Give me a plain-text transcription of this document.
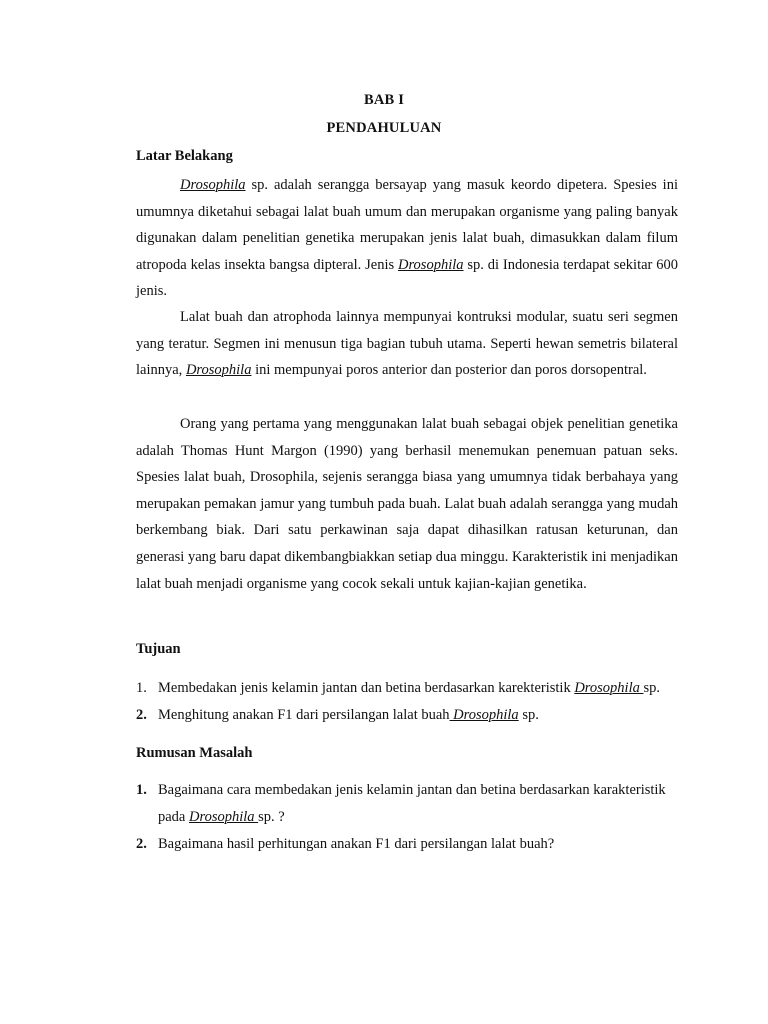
BAB I
PENDAHULUAN
Latar Belakang

Drosophila sp. adalah serangga bersayap yang masuk keordo dipetera. Spesies ini umumnya diketahui sebagai lalat buah umum dan merupakan organisme yang paling banyak digunakan dalam penelitian genetika merupakan jenis lalat buah, dimasukkan dalam filum atropoda kelas insekta bangsa dipteral. Jenis Drosophila sp. di Indonesia terdapat sekitar 600 jenis.

Lalat buah dan atrophoda lainnya mempunyai kontruksi modular, suatu seri segmen yang teratur. Segmen ini menusun tiga bagian tubuh utama. Seperti hewan semetris bilateral lainnya, Drosophila ini mempunyai poros anterior dan posterior dan poros dorsopentral.

Orang yang pertama yang menggunakan lalat buah sebagai objek penelitian genetika adalah Thomas Hunt Margon (1990) yang berhasil menemukan penemuan patuan seks. Spesies lalat buah, Drosophila, sejenis serangga biasa yang umumnya tidak berbahaya yang merupakan pemakan jamur yang tumbuh pada buah. Lalat buah adalah serangga yang mudah berkembang biak. Dari satu perkawinan saja dapat dihasilkan ratusan keturunan, dan generasi yang baru dapat dikembangbiakkan setiap dua minggu. Karakteristik ini menjadikan lalat buah menjadi organisme yang cocok sekali untuk kajian-kajian genetika.

Tujuan
1. Membedakan jenis kelamin jantan dan betina berdasarkan karekteristik Drosophila sp.
2. Menghitung anakan F1 dari persilangan lalat buah Drosophila sp.
Rumusan Masalah
1. Bagaimana cara membedakan jenis kelamin jantan dan betina berdasarkan karakteristik pada Drosophila sp. ?
2. Bagaimana hasil perhitungan anakan F1 dari persilangan lalat buah?
